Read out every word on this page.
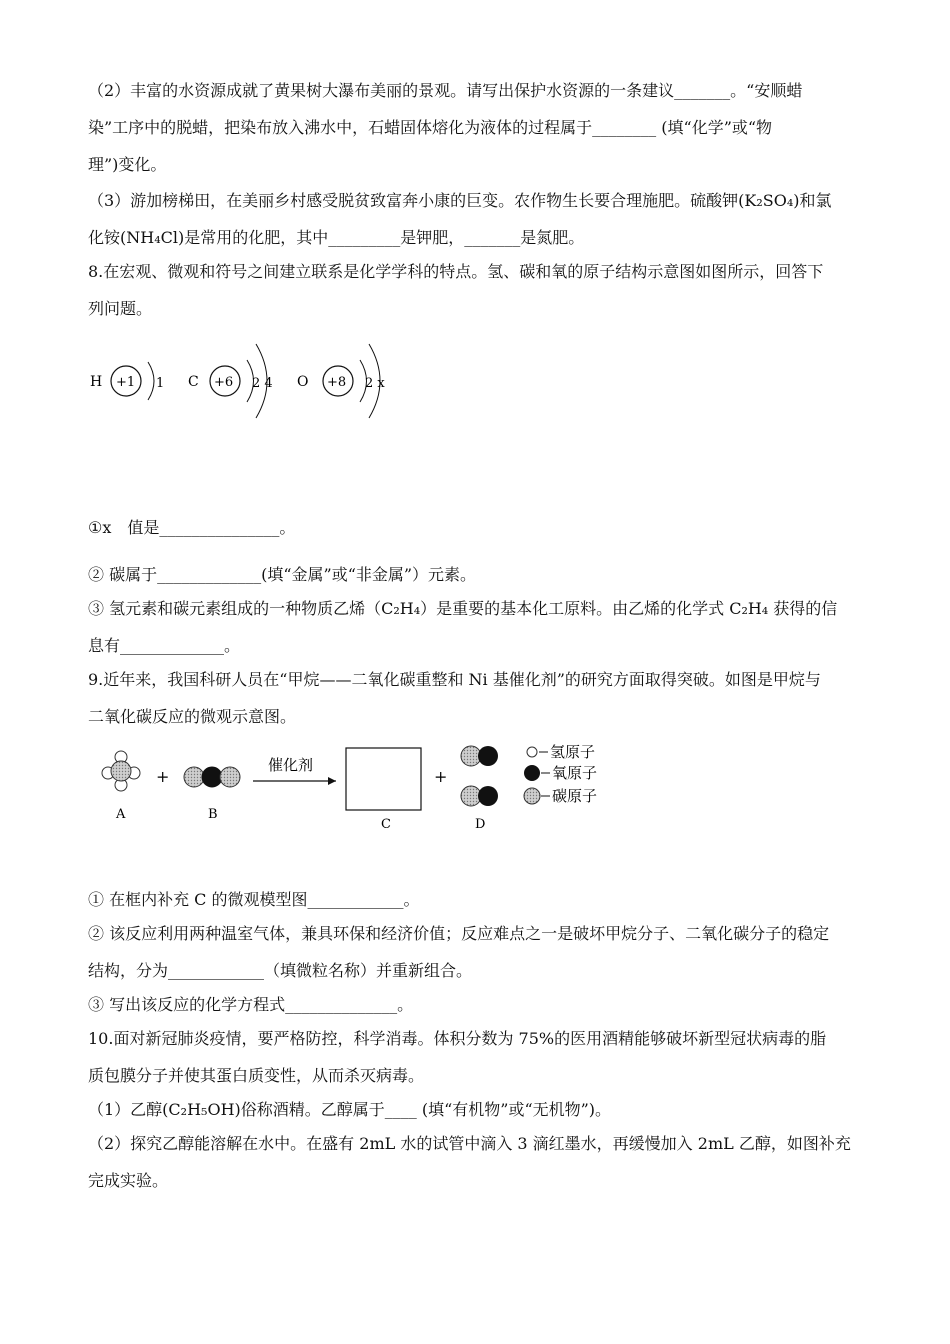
（2）丰富的水资源成就了黄果树大瀑布美丽的景观。请写出保护水资源的一条建议_______。“安顺蜡
染”工序中的脱蜡，把染布放入沸水中，石蜡固体熔化为液体的过程属于________ (填“化学”或“物
理”)变化。
（3）游加榜梯田，在美丽乡村感受脱贫致富奔小康的巨变。农作物生长要合理施肥。硫酸钾(K₂SO₄)和氯
化铵(NH₄Cl)是常用的化肥，其中_________是钾肥，_______是氮肥。
8.在宏观、微观和符号之间建立联系是化学学科的特点。氢、碳和氧的原子结构示意图如图所示，回答下
列问题。
H +1 1 C +6 2 4 O +8 2 x
①x　值是_______________。
② 碳属于_____________(填“金属”或“非金属”）元素。
③ 氢元素和碳元素组成的一种物质乙烯（C₂H₄）是重要的基本化工原料。由乙烯的化学式 C₂H₄ 获得的信
息有_____________。
9.近年来，我国科研人员在“甲烷——二氧化碳重整和 Ni 基催化剂”的研究方面取得突破。如图是甲烷与
二氧化碳反应的微观示意图。
A
+
B
催化剂
C
+
D
氢原子
氧原子
碳原子
① 在框内补充 C 的微观模型图____________。
② 该反应利用两种温室气体，兼具环保和经济价值；反应难点之一是破坏甲烷分子、二氧化碳分子的稳定
结构，分为____________（填微粒名称）并重新组合。
③ 写出该反应的化学方程式______________。
10.面对新冠肺炎疫情，要严格防控，科学消毒。体积分数为 75%的医用酒精能够破坏新型冠状病毒的脂
质包膜分子并使其蛋白质变性，从而杀灭病毒。
（1）乙醇(C₂H₅OH)俗称酒精。乙醇属于____ (填“有机物”或“无机物”)。
（2）探究乙醇能溶解在水中。在盛有 2mL 水的试管中滴入 3 滴红墨水，再缓慢加入 2mL 乙醇，如图补充
完成实验。
